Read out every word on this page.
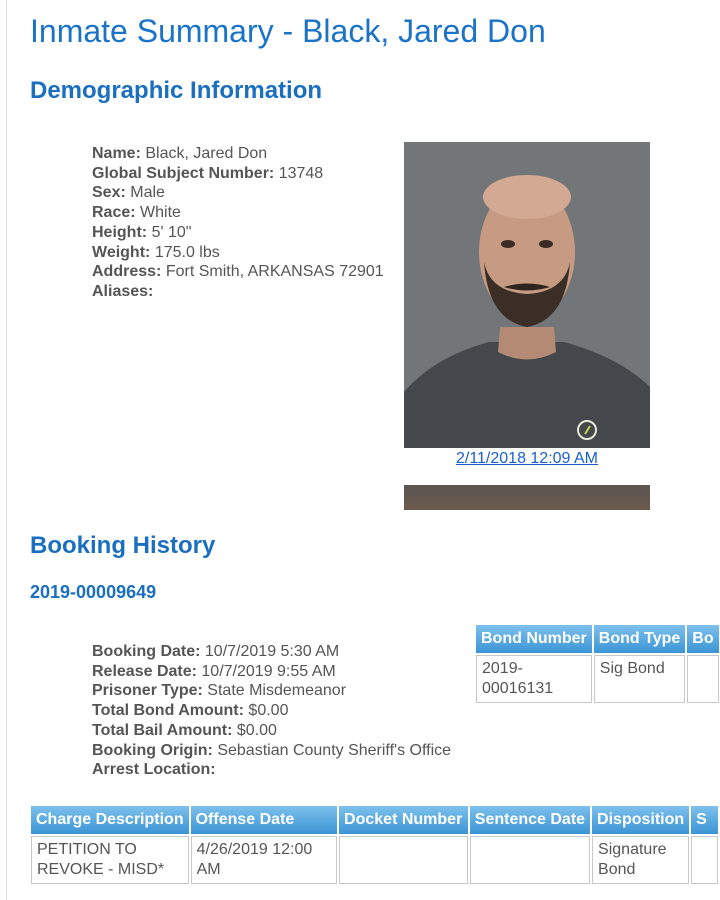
Inmate Summary - Black, Jared Don
Demographic Information
Name: Black, Jared Don
Global Subject Number: 13748
Sex: Male
Race: White
Height: 5' 10"
Weight: 175.0 lbs
Address: Fort Smith, ARKANSAS 72901
Aliases:
2/11/2018 12:09 AM
Booking History
2019-00009649
Booking Date: 10/7/2019 5:30 AM
Release Date: 10/7/2019 9:55 AM
Prisoner Type: State Misdemeanor
Total Bond Amount: $0.00
Total Bail Amount: $0.00
Booking Origin: Sebastian County Sheriff's Office
Arrest Location:
Bond Number	Bond Type	Bo
2019-00016131	Sig Bond	
Charge Description	Offense Date	Docket Number	Sentence Date	Disposition	S
PETITION TO REVOKE - MISD*	4/26/2019 12:00 AM			Signature Bond	
